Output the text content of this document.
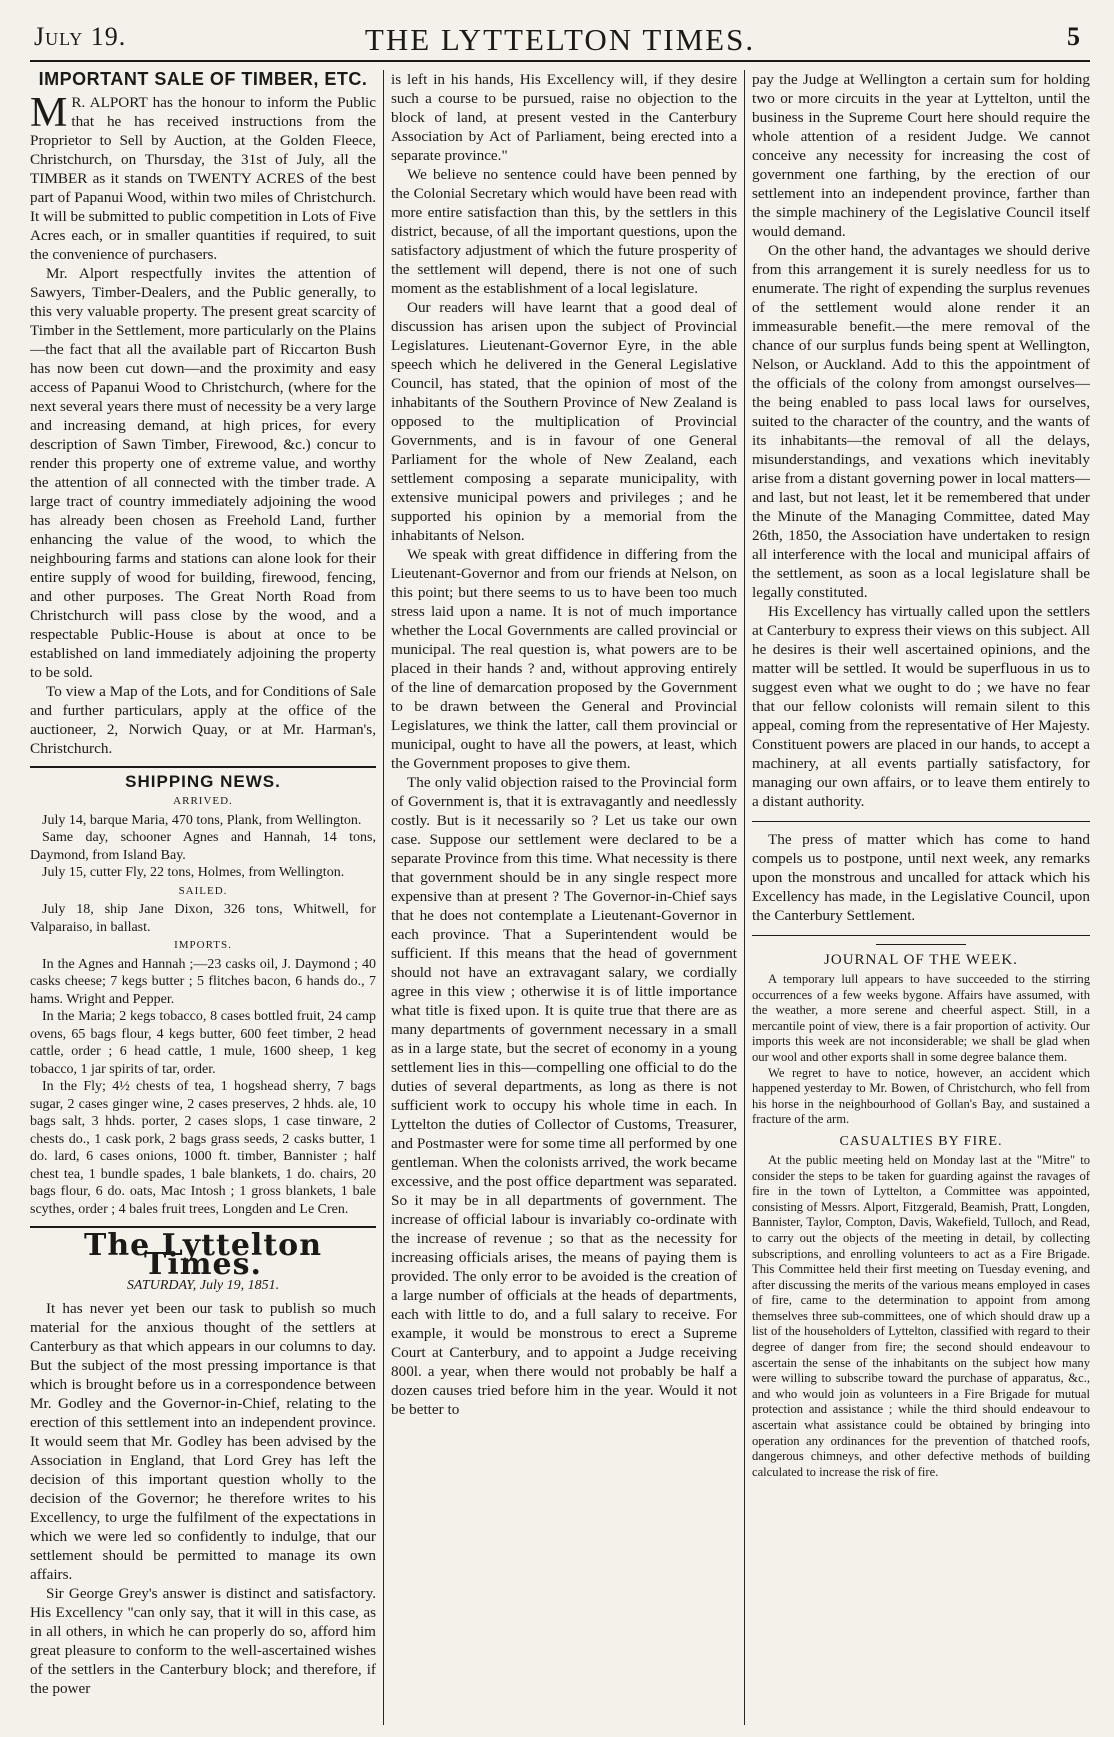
July 19.	THE LYTTELTON TIMES.	5
IMPORTANT SALE OF TIMBER, ETC.

M R. ALPORT has the honour to inform the Public that he has received instructions from the Proprietor to Sell by Auction, at the Golden Fleece, Christchurch, on Thursday, the 31st of July, all the TIMBER as it stands on TWENTY ACRES of the best part of Papanui Wood, within two miles of Christchurch. It will be submitted to public competition in Lots of Five Acres each, or in smaller quantities if required, to suit the convenience of purchasers.

Mr. Alport respectfully invites the attention of Sawyers, Timber-Dealers, and the Public generally, to this very valuable property. The present great scarcity of Timber in the Settlement, more particularly on the Plains—the fact that all the available part of Riccarton Bush has now been cut down—and the proximity and easy access of Papanui Wood to Christchurch, (where for the next several years there must of necessity be a very large and increasing demand, at high prices, for every description of Sawn Timber, Firewood, &c.) concur to render this property one of extreme value, and worthy the attention of all connected with the timber trade. A large tract of country immediately adjoining the wood has already been chosen as Freehold Land, further enhancing the value of the wood, to which the neighbouring farms and stations can alone look for their entire supply of wood for building, firewood, fencing, and other purposes. The Great North Road from Christchurch will pass close by the wood, and a respectable Public-House is about at once to be established on land immediately adjoining the property to be sold.

To view a Map of the Lots, and for Conditions of Sale and further particulars, apply at the office of the auctioneer, 2, Norwich Quay, or at Mr. Harman's, Christchurch.

SHIPPING NEWS.
ARRIVED.

July 14, barque Maria, 470 tons, Plank, from Wellington.

Same day, schooner Agnes and Hannah, 14 tons, Daymond, from Island Bay.

July 15, cutter Fly, 22 tons, Holmes, from Wellington.

SAILED.

July 18, ship Jane Dixon, 326 tons, Whitwell, for Valparaiso, in ballast.

IMPORTS.

In the Agnes and Hannah ;—23 casks oil, J. Daymond ; 40 casks cheese; 7 kegs butter ; 5 flitches bacon, 6 hands do., 7 hams. Wright and Pepper.

In the Maria; 2 kegs tobacco, 8 cases bottled fruit, 24 camp ovens, 65 bags flour, 4 kegs butter, 600 feet timber, 2 head cattle, order ; 6 head cattle, 1 mule, 1600 sheep, 1 keg tobacco, 1 jar spirits of tar, order.

In the Fly; 4½ chests of tea, 1 hogshead sherry, 7 bags sugar, 2 cases ginger wine, 2 cases preserves, 2 hhds. ale, 10 bags salt, 3 hhds. porter, 2 cases slops, 1 case tinware, 2 chests do., 1 cask pork, 2 bags grass seeds, 2 casks butter, 1 do. lard, 6 cases onions, 1000 ft. timber, Bannister ; half chest tea, 1 bundle spades, 1 bale blankets, 1 do. chairs, 20 bags flour, 6 do. oats, Mac Intosh ; 1 gross blankets, 1 bale scythes, order ; 4 bales fruit trees, Longden and Le Cren.

The Lyttelton Times.
SATURDAY, July 19, 1851.

It has never yet been our task to publish so much material for the anxious thought of the settlers at Canterbury as that which appears in our columns to day. But the subject of the most pressing importance is that which is brought before us in a correspondence between Mr. Godley and the Governor-in-Chief, relating to the erection of this settlement into an independent province. It would seem that Mr. Godley has been advised by the Association in England, that Lord Grey has left the decision of this important question wholly to the decision of the Governor; he therefore writes to his Excellency, to urge the fulfilment of the expectations in which we were led so confidently to indulge, that our settlement should be permitted to manage its own affairs.

Sir George Grey's answer is distinct and satisfactory. His Excellency "can only say, that it will in this case, as in all others, in which he can properly do so, afford him great pleasure to conform to the well-ascertained wishes of the settlers in the Canterbury block; and therefore, if the power

is left in his hands, His Excellency will, if they desire such a course to be pursued, raise no objection to the block of land, at present vested in the Canterbury Association by Act of Parliament, being erected into a separate province."

We believe no sentence could have been penned by the Colonial Secretary which would have been read with more entire satisfaction than this, by the settlers in this district, because, of all the important questions, upon the satisfactory adjustment of which the future prosperity of the settlement will depend, there is not one of such moment as the establishment of a local legislature.

Our readers will have learnt that a good deal of discussion has arisen upon the subject of Provincial Legislatures. Lieutenant-Governor Eyre, in the able speech which he delivered in the General Legislative Council, has stated, that the opinion of most of the inhabitants of the Southern Province of New Zealand is opposed to the multiplication of Provincial Governments, and is in favour of one General Parliament for the whole of New Zealand, each settlement composing a separate municipality, with extensive municipal powers and privileges ; and he supported his opinion by a memorial from the inhabitants of Nelson.

We speak with great diffidence in differing from the Lieutenant-Governor and from our friends at Nelson, on this point; but there seems to us to have been too much stress laid upon a name. It is not of much importance whether the Local Governments are called provincial or municipal. The real question is, what powers are to be placed in their hands ? and, without approving entirely of the line of demarcation proposed by the Government to be drawn between the General and Provincial Legislatures, we think the latter, call them provincial or municipal, ought to have all the powers, at least, which the Government proposes to give them.

The only valid objection raised to the Provincial form of Government is, that it is extravagantly and needlessly costly. But is it necessarily so ? Let us take our own case. Suppose our settlement were declared to be a separate Province from this time. What necessity is there that government should be in any single respect more expensive than at present ? The Governor-in-Chief says that he does not contemplate a Lieutenant-Governor in each province. That a Superintendent would be sufficient. If this means that the head of government should not have an extravagant salary, we cordially agree in this view ; otherwise it is of little importance what title is fixed upon. It is quite true that there are as many departments of government necessary in a small as in a large state, but the secret of economy in a young settlement lies in this—compelling one official to do the duties of several departments, as long as there is not sufficient work to occupy his whole time in each. In Lyttelton the duties of Collector of Customs, Treasurer, and Postmaster were for some time all performed by one gentleman. When the colonists arrived, the work became excessive, and the post office department was separated. So it may be in all departments of government. The increase of official labour is invariably co-ordinate with the increase of revenue ; so that as the necessity for increasing officials arises, the means of paying them is provided. The only error to be avoided is the creation of a large number of officials at the heads of departments, each with little to do, and a full salary to receive. For example, it would be monstrous to erect a Supreme Court at Canterbury, and to appoint a Judge receiving 800l. a year, when there would not probably be half a dozen causes tried before him in the year. Would it not be better to

pay the Judge at Wellington a certain sum for holding two or more circuits in the year at Lyttelton, until the business in the Supreme Court here should require the whole attention of a resident Judge. We cannot conceive any necessity for increasing the cost of government one farthing, by the erection of our settlement into an independent province, farther than the simple machinery of the Legislative Council itself would demand.

On the other hand, the advantages we should derive from this arrangement it is surely needless for us to enumerate. The right of expending the surplus revenues of the settlement would alone render it an immeasurable benefit.—the mere removal of the chance of our surplus funds being spent at Wellington, Nelson, or Auckland. Add to this the appointment of the officials of the colony from amongst ourselves—the being enabled to pass local laws for ourselves, suited to the character of the country, and the wants of its inhabitants—the removal of all the delays, misunderstandings, and vexations which inevitably arise from a distant governing power in local matters—and last, but not least, let it be remembered that under the Minute of the Managing Committee, dated May 26th, 1850, the Association have undertaken to resign all interference with the local and municipal affairs of the settlement, as soon as a local legislature shall be legally constituted.

His Excellency has virtually called upon the settlers at Canterbury to express their views on this subject. All he desires is their well ascertained opinions, and the matter will be settled. It would be superfluous in us to suggest even what we ought to do ; we have no fear that our fellow colonists will remain silent to this appeal, coming from the representative of Her Majesty. Constituent powers are placed in our hands, to accept a machinery, at all events partially satisfactory, for managing our own affairs, or to leave them entirely to a distant authority.

The press of matter which has come to hand compels us to postpone, until next week, any remarks upon the monstrous and uncalled for attack which his Excellency has made, in the Legislative Council, upon the Canterbury Settlement.

JOURNAL OF THE WEEK.

A temporary lull appears to have succeeded to the stirring occurrences of a few weeks bygone. Affairs have assumed, with the weather, a more serene and cheerful aspect. Still, in a mercantile point of view, there is a fair proportion of activity. Our imports this week are not inconsiderable; we shall be glad when our wool and other exports shall in some degree balance them.

We regret to have to notice, however, an accident which happened yesterday to Mr. Bowen, of Christchurch, who fell from his horse in the neighbourhood of Gollan's Bay, and sustained a fracture of the arm.

CASUALTIES BY FIRE.

At the public meeting held on Monday last at the "Mitre" to consider the steps to be taken for guarding against the ravages of fire in the town of Lyttelton, a Committee was appointed, consisting of Messrs. Alport, Fitzgerald, Beamish, Pratt, Longden, Bannister, Taylor, Compton, Davis, Wakefield, Tulloch, and Read, to carry out the objects of the meeting in detail, by collecting subscriptions, and enrolling volunteers to act as a Fire Brigade. This Committee held their first meeting on Tuesday evening, and after discussing the merits of the various means employed in cases of fire, came to the determination to appoint from among themselves three sub-committees, one of which should draw up a list of the householders of Lyttelton, classified with regard to their degree of danger from fire; the second should endeavour to ascertain the sense of the inhabitants on the subject how many were willing to subscribe toward the purchase of apparatus, &c., and who would join as volunteers in a Fire Brigade for mutual protection and assistance ; while the third should endeavour to ascertain what assistance could be obtained by bringing into operation any ordinances for the prevention of thatched roofs, dangerous chimneys, and other defective methods of building calculated to increase the risk of fire.
